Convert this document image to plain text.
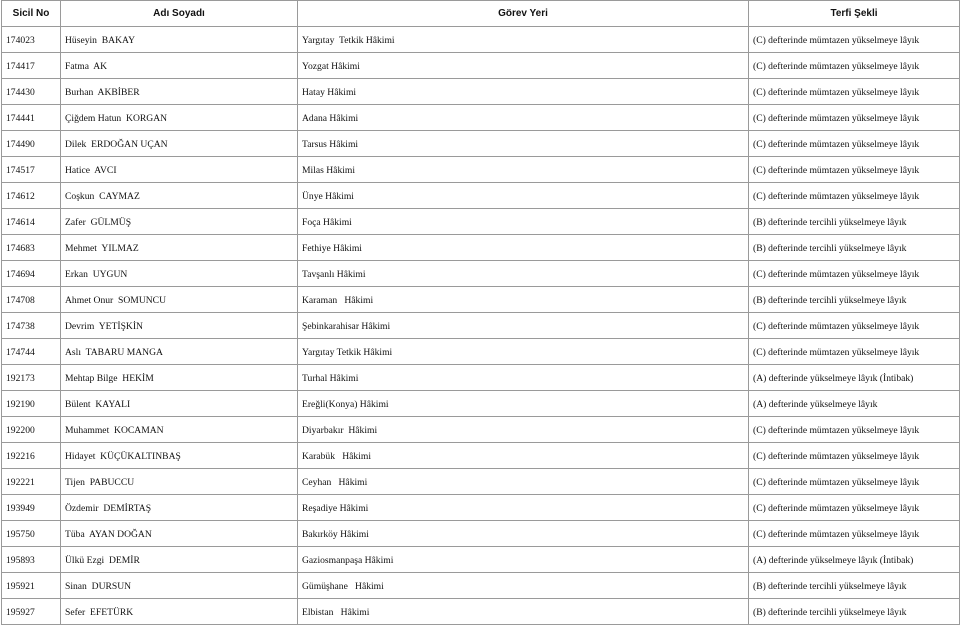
Sicil No	Adı Soyadı	Görev Yeri	Terfi Şekli
174023	Hüseyin  BAKAY	Yargıtay  Tetkik Hâkimi	(C) defterinde mümtazen yükselmeye lâyık
174417	Fatma  AK	Yozgat Hâkimi	(C) defterinde mümtazen yükselmeye lâyık
174430	Burhan  AKBİBER	Hatay Hâkimi	(C) defterinde mümtazen yükselmeye lâyık
174441	Çiğdem Hatun  KORGAN	Adana Hâkimi	(C) defterinde mümtazen yükselmeye lâyık
174490	Dilek  ERDOĞAN UÇAN	Tarsus Hâkimi	(C) defterinde mümtazen yükselmeye lâyık
174517	Hatice  AVCI	Milas Hâkimi	(C) defterinde mümtazen yükselmeye lâyık
174612	Coşkun  CAYMAZ	Ünye Hâkimi	(C) defterinde mümtazen yükselmeye lâyık
174614	Zafer  GÜLMÜŞ	Foça Hâkimi	(B) defterinde tercihli yükselmeye lâyık
174683	Mehmet  YILMAZ	Fethiye Hâkimi	(B) defterinde tercihli yükselmeye lâyık
174694	Erkan  UYGUN	Tavşanlı Hâkimi	(C) defterinde mümtazen yükselmeye lâyık
174708	Ahmet Onur  SOMUNCU	Karaman   Hâkimi	(B) defterinde tercihli yükselmeye lâyık
174738	Devrim  YETİŞKİN	Şebinkarahisar Hâkimi	(C) defterinde mümtazen yükselmeye lâyık
174744	Aslı  TABARU MANGA	Yargıtay Tetkik Hâkimi	(C) defterinde mümtazen yükselmeye lâyık
192173	Mehtap Bilge  HEKİM	Turhal Hâkimi	(A) defterinde yükselmeye lâyık (İntibak)
192190	Bülent  KAYALI	Ereğli(Konya) Hâkimi	(A) defterinde yükselmeye lâyık
192200	Muhammet  KOCAMAN	Diyarbakır  Hâkimi	(C) defterinde mümtazen yükselmeye lâyık
192216	Hidayet  KÜÇÜKALTINBAŞ	Karabük   Hâkimi	(C) defterinde mümtazen yükselmeye lâyık
192221	Tijen  PABUCCU	Ceyhan   Hâkimi	(C) defterinde mümtazen yükselmeye lâyık
193949	Özdemir  DEMİRTAŞ	Reşadiye Hâkimi	(C) defterinde mümtazen yükselmeye lâyık
195750	Tüba  AYAN DOĞAN	Bakırköy Hâkimi	(C) defterinde mümtazen yükselmeye lâyık
195893	Ülkü Ezgi  DEMİR	Gaziosmanpaşa Hâkimi	(A) defterinde yükselmeye lâyık (İntibak)
195921	Sinan  DURSUN	Gümüşhane   Hâkimi	(B) defterinde tercihli yükselmeye lâyık
195927	Sefer  EFETÜRK	Elbistan   Hâkimi	(B) defterinde tercihli yükselmeye lâyık
